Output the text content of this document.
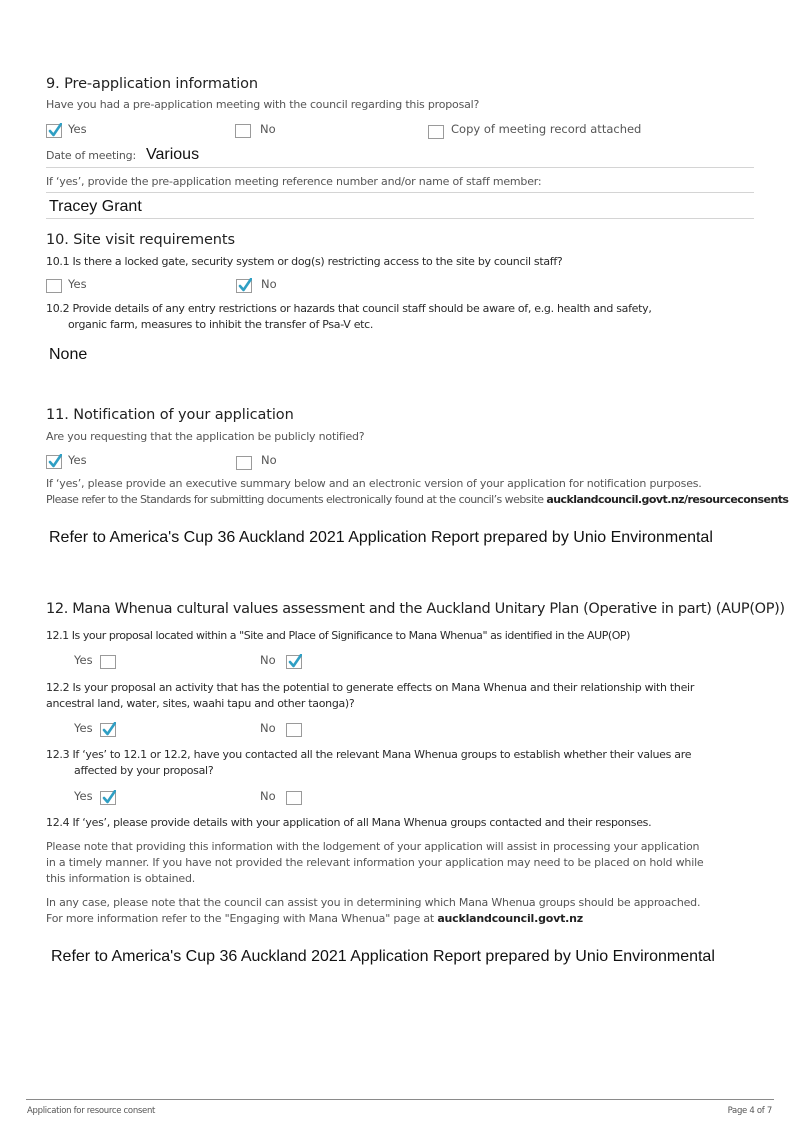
9. Pre-application information
Have you had a pre-application meeting with the council regarding this proposal?
Yes	No	Copy of meeting record attached
Date of meeting: Various
If ‘yes’, provide the pre-application meeting reference number and/or name of staff member:
Tracey Grant
10. Site visit requirements
10.1 Is there a locked gate, security system or dog(s) restricting access to the site by council staff?
Yes	No
10.2 Provide details of any entry restrictions or hazards that council staff should be aware of, e.g. health and safety,
organic farm, measures to inhibit the transfer of Psa-V etc.
None
11. Notification of your application
Are you requesting that the application be publicly notified?
Yes	No
If ‘yes’, please provide an executive summary below and an electronic version of your application for notification purposes.
Please refer to the Standards for submitting documents electronically found at the council’s website aucklandcouncil.govt.nz/resourceconsents
Refer to America's Cup 36 Auckland 2021 Application Report prepared by Unio Environmental
12. Mana Whenua cultural values assessment and the Auckland Unitary Plan (Operative in part) (AUP(OP))
12.1 Is your proposal located within a "Site and Place of Significance to Mana Whenua" as identified in the AUP(OP)
Yes	No
12.2 Is your proposal an activity that has the potential to generate effects on Mana Whenua and their relationship with their
ancestral land, water, sites, waahi tapu and other taonga)?
Yes	No
12.3 If ‘yes’ to 12.1 or 12.2, have you contacted all the relevant Mana Whenua groups to establish whether their values are
affected by your proposal?
Yes	No
12.4 If ‘yes’, please provide details with your application of all Mana Whenua groups contacted and their responses.
Please note that providing this information with the lodgement of your application will assist in processing your application
in a timely manner. If you have not provided the relevant information your application may need to be placed on hold while
this information is obtained.
In any case, please note that the council can assist you in determining which Mana Whenua groups should be approached.
For more information refer to the "Engaging with Mana Whenua" page at aucklandcouncil.govt.nz
Refer to America's Cup 36 Auckland 2021 Application Report prepared by Unio Environmental
Application for resource consent	Page 4 of 7
